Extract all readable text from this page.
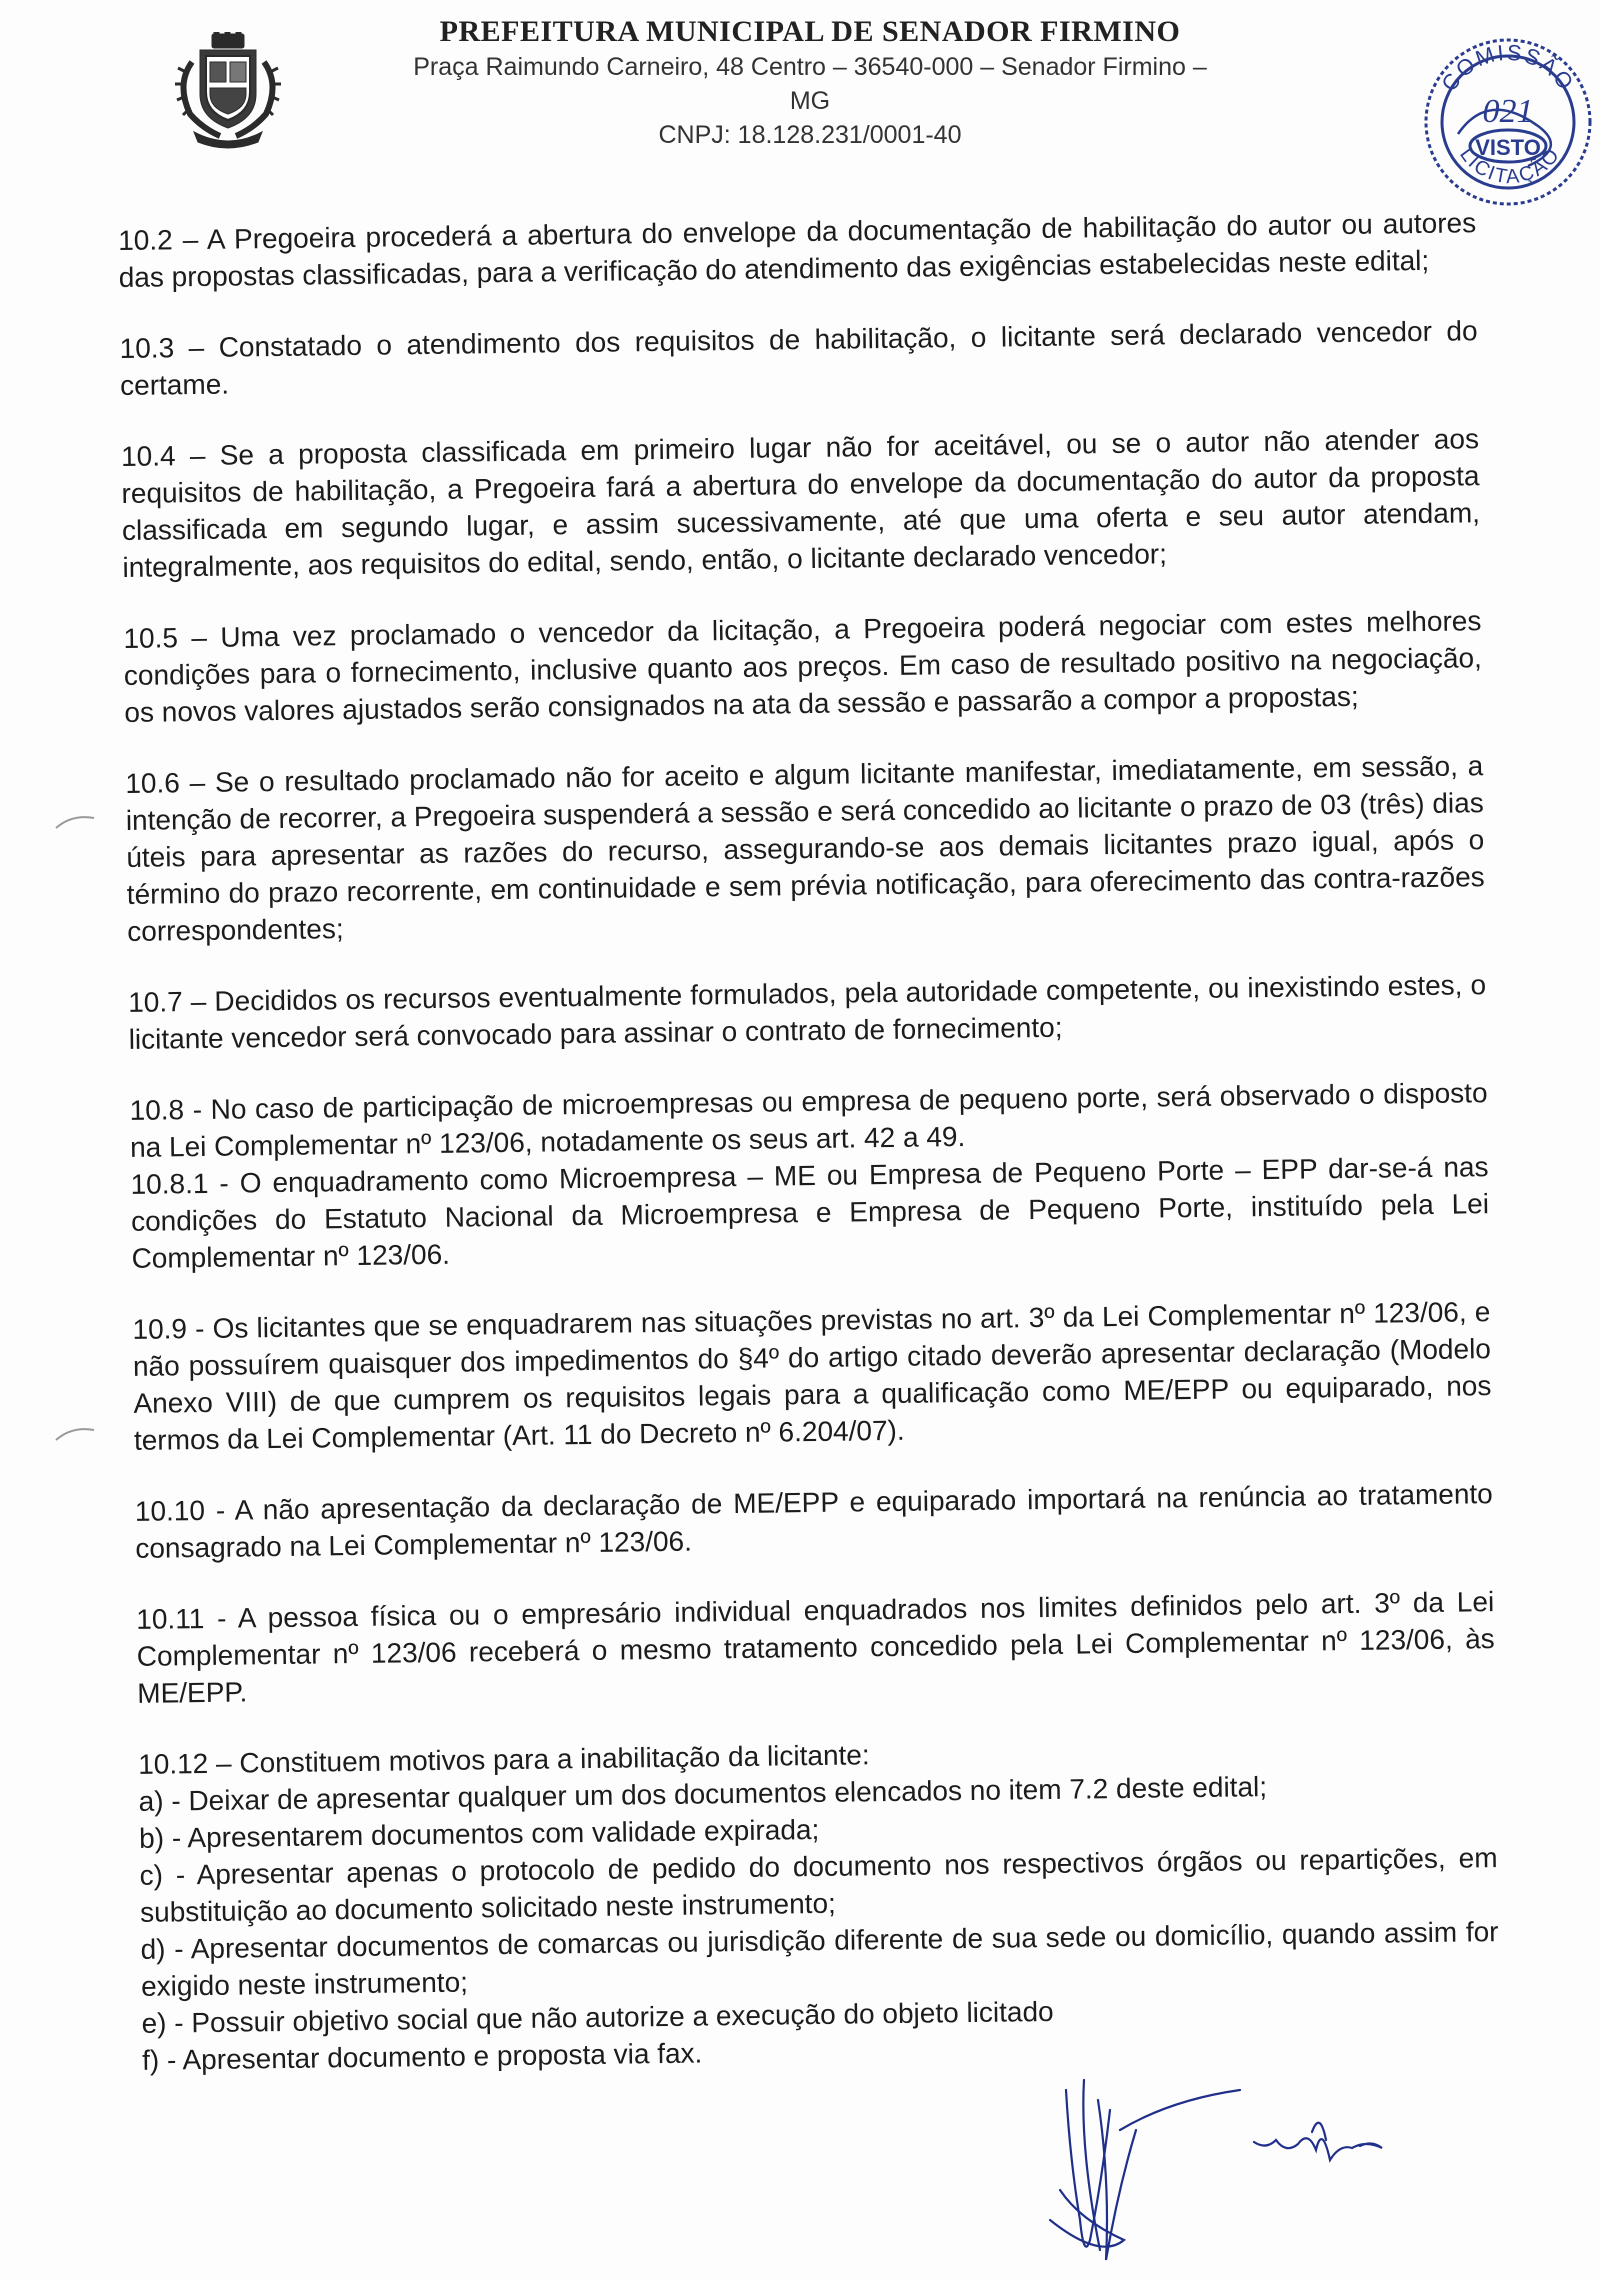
PREFEITURA MUNICIPAL DE SENADOR FIRMINO
Praça Raimundo Carneiro, 48 Centro – 36540-000 – Senador Firmino – MG
CNPJ: 18.128.231/0001-40
COMISSÃO
021
VISTO
LICITAÇÃO

10.2 – A Pregoeira procederá a abertura do envelope da documentação de habilitação do autor ou autores das propostas classificadas, para a verificação do atendimento das exigências estabelecidas neste edital;

10.3 – Constatado o atendimento dos requisitos de habilitação, o licitante será declarado vencedor do certame.

10.4 – Se a proposta classificada em primeiro lugar não for aceitável, ou se o autor não atender aos requisitos de habilitação, a Pregoeira fará a abertura do envelope da documentação do autor da proposta classificada em segundo lugar, e assim sucessivamente, até que uma oferta e seu autor atendam, integralmente, aos requisitos do edital, sendo, então, o licitante declarado vencedor;

10.5 – Uma vez proclamado o vencedor da licitação, a Pregoeira poderá negociar com estes melhores condições para o fornecimento, inclusive quanto aos preços. Em caso de resultado positivo na negociação, os novos valores ajustados serão consignados na ata da sessão e passarão a compor a propostas;

10.6 – Se o resultado proclamado não for aceito e algum licitante manifestar, imediatamente, em sessão, a intenção de recorrer, a Pregoeira suspenderá a sessão e será concedido ao licitante o prazo de 03 (três) dias úteis para apresentar as razões do recurso, assegurando-se aos demais licitantes prazo igual, após o término do prazo recorrente, em continuidade e sem prévia notificação, para oferecimento das contra-razões correspondentes;

10.7 – Decididos os recursos eventualmente formulados, pela autoridade competente, ou inexistindo estes, o licitante vencedor será convocado para assinar o contrato de fornecimento;

10.8 - No caso de participação de microempresas ou empresa de pequeno porte, será observado o disposto na Lei Complementar nº 123/06, notadamente os seus art. 42 a 49.

10.8.1 - O enquadramento como Microempresa – ME ou Empresa de Pequeno Porte – EPP dar-se-á nas condições do Estatuto Nacional da Microempresa e Empresa de Pequeno Porte, instituído pela Lei Complementar nº 123/06.

10.9 - Os licitantes que se enquadrarem nas situações previstas no art. 3º da Lei Complementar nº 123/06, e não possuírem quaisquer dos impedimentos do §4º do artigo citado deverão apresentar declaração (Modelo Anexo VIII) de que cumprem os requisitos legais para a qualificação como ME/EPP ou equiparado, nos termos da Lei Complementar (Art. 11 do Decreto nº 6.204/07).

10.10 - A não apresentação da declaração de ME/EPP e equiparado importará na renúncia ao tratamento consagrado na Lei Complementar nº 123/06.

10.11 - A pessoa física ou o empresário individual enquadrados nos limites definidos pelo art. 3º da Lei Complementar nº 123/06 receberá o mesmo tratamento concedido pela Lei Complementar nº 123/06, às ME/EPP.

10.12 – Constituem motivos para a inabilitação da licitante:

a) - Deixar de apresentar qualquer um dos documentos elencados no item 7.2 deste edital;

b) - Apresentarem documentos com validade expirada;

c) - Apresentar apenas o protocolo de pedido do documento nos respectivos órgãos ou repartições, em substituição ao documento solicitado neste instrumento;

d) - Apresentar documentos de comarcas ou jurisdição diferente de sua sede ou domicílio, quando assim for exigido neste instrumento;

e) - Possuir objetivo social que não autorize a execução do objeto licitado

f) - Apresentar documento e proposta via fax.
